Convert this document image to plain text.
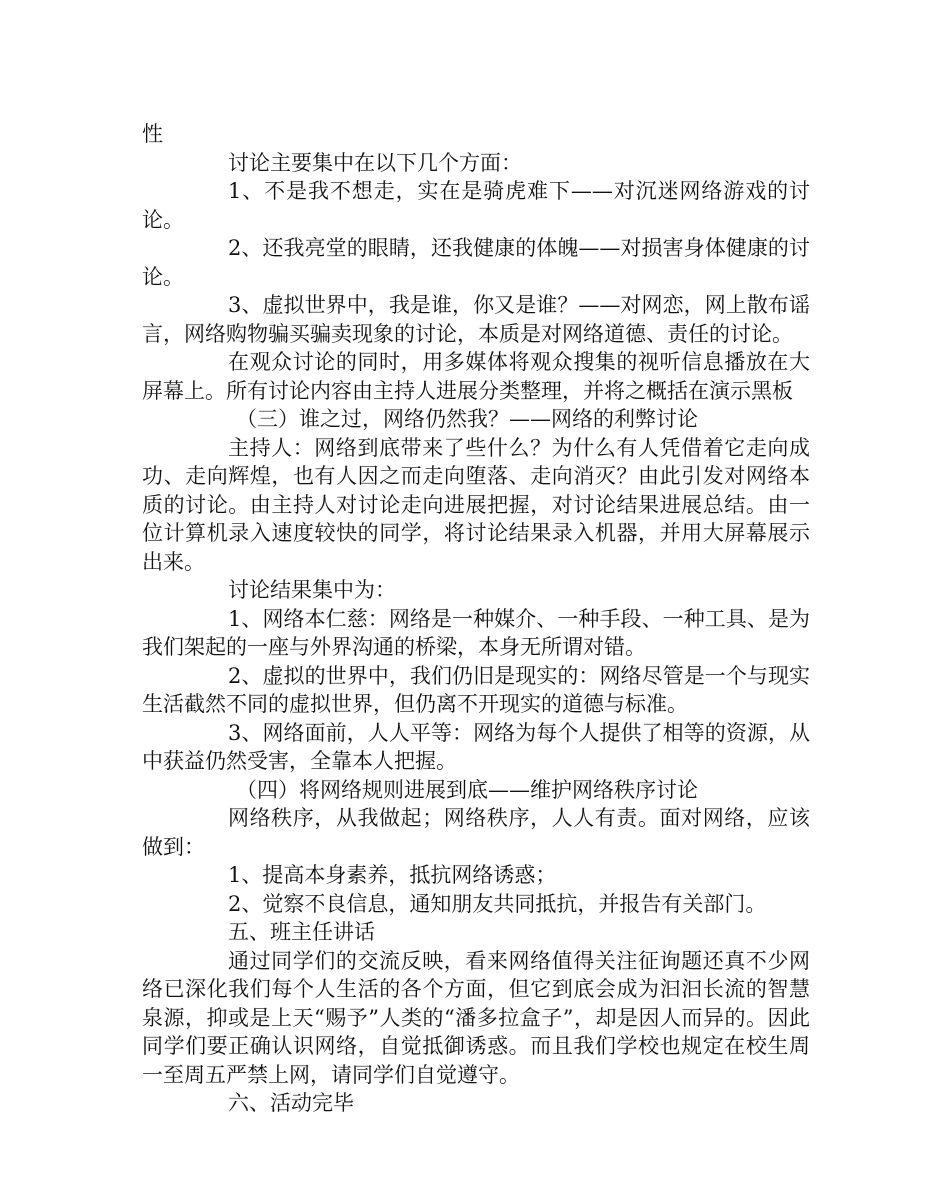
性

讨论主要集中在以下几个方面：

1、不是我不想走，实在是骑虎难下——对沉迷网络游戏的讨论。

2、还我亮堂的眼睛，还我健康的体魄——对损害身体健康的讨论。

3、虚拟世界中，我是谁，你又是谁？——对网恋，网上散布谣言，网络购物骗买骗卖现象的讨论，本质是对网络道德、责任的讨论。

在观众讨论的同时，用多媒体将观众搜集的视听信息播放在大屏幕上。所有讨论内容由主持人进展分类整理，并将之概括在演示黑板

（三）谁之过，网络仍然我？——网络的利弊讨论

主持人：网络到底带来了些什么？为什么有人凭借着它走向成功、走向辉煌，也有人因之而走向堕落、走向消灭？由此引发对网络本质的讨论。由主持人对讨论走向进展把握，对讨论结果进展总结。由一位计算机录入速度较快的同学，将讨论结果录入机器，并用大屏幕展示出来。

讨论结果集中为：

1、网络本仁慈：网络是一种媒介、一种手段、一种工具、是为我们架起的一座与外界沟通的桥梁，本身无所谓对错。

2、虚拟的世界中，我们仍旧是现实的：网络尽管是一个与现实生活截然不同的虚拟世界，但仍离不开现实的道德与标准。

3、网络面前，人人平等：网络为每个人提供了相等的资源，从中获益仍然受害，全靠本人把握。

（四）将网络规则进展到底——维护网络秩序讨论

网络秩序，从我做起；网络秩序，人人有责。面对网络，应该做到：

1、提高本身素养，抵抗网络诱惑；

2、觉察不良信息，通知朋友共同抵抗，并报告有关部门。

五、班主任讲话

通过同学们的交流反映，看来网络值得关注征询题还真不少网络已深化我们每个人生活的各个方面，但它到底会成为汩汩长流的智慧泉源，抑或是上天“赐予”人类的“潘多拉盒子”，却是因人而异的。因此同学们要正确认识网络，自觉抵御诱惑。而且我们学校也规定在校生周一至周五严禁上网，请同学们自觉遵守。

六、活动完毕
